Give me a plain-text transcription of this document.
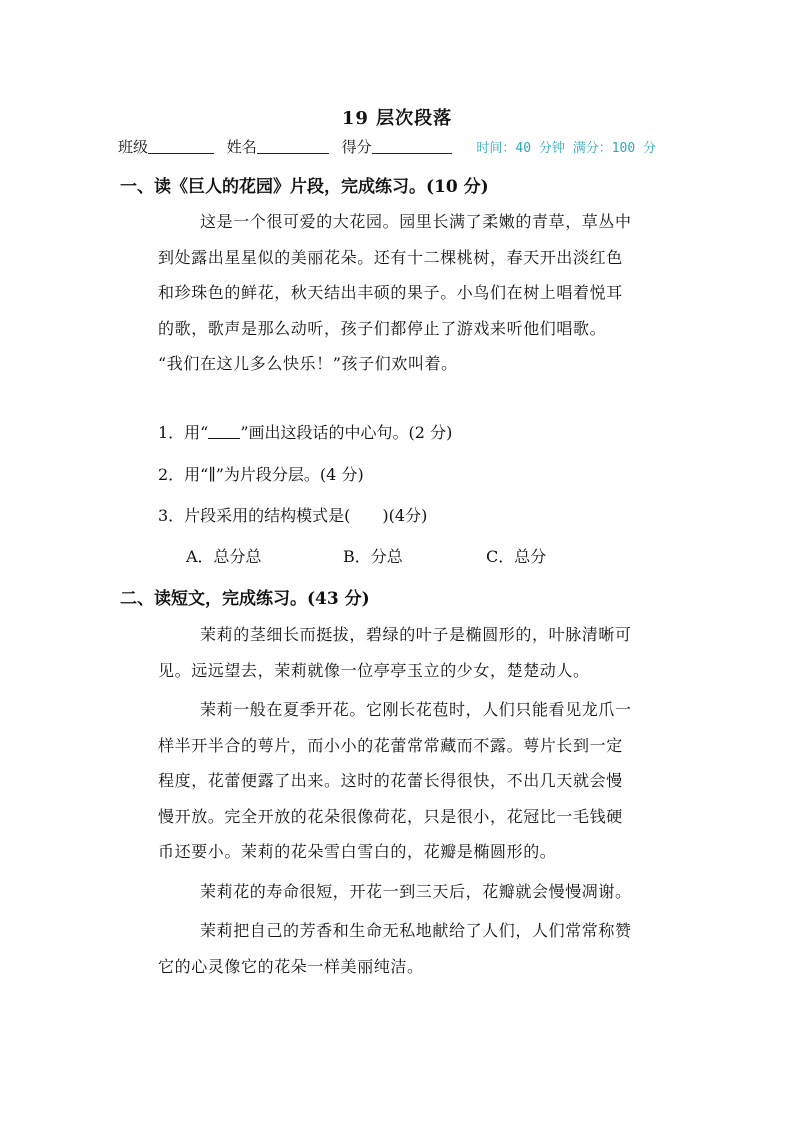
19 层次段落
班级	姓名	得分	时间：40 分钟 满分：100 分
一、读《巨人的花园》片段，完成练习。(10 分)
这是一个很可爱的大花园。园里长满了柔嫩的青草，草丛中
到处露出星星似的美丽花朵。还有十二棵桃树，春天开出淡红色
和珍珠色的鲜花，秋天结出丰硕的果子。小鸟们在树上唱着悦耳
的歌，歌声是那么动听，孩子们都停止了游戏来听他们唱歌。
“我们在这儿多么快乐！”孩子们欢叫着。
1．用“ ”画出这段话的中心句。(2 分)
2．用“∥”为片段分层。(4 分)
3．片段采用的结构模式是(　　)(4分)
A．总分总	B．分总	C．总分
二、读短文，完成练习。(43 分)
茉莉的茎细长而挺拔，碧绿的叶子是椭圆形的，叶脉清晰可
见。远远望去，茉莉就像一位亭亭玉立的少女，楚楚动人。
茉莉一般在夏季开花。它刚长花苞时，人们只能看见龙爪一
样半开半合的萼片，而小小的花蕾常常藏而不露。萼片长到一定
程度，花蕾便露了出来。这时的花蕾长得很快，不出几天就会慢
慢开放。完全开放的花朵很像荷花，只是很小，花冠比一毛钱硬
币还要小。茉莉的花朵雪白雪白的，花瓣是椭圆形的。
茉莉花的寿命很短，开花一到三天后，花瓣就会慢慢凋谢。
茉莉把自己的芳香和生命无私地献给了人们，人们常常称赞
它的心灵像它的花朵一样美丽纯洁。
